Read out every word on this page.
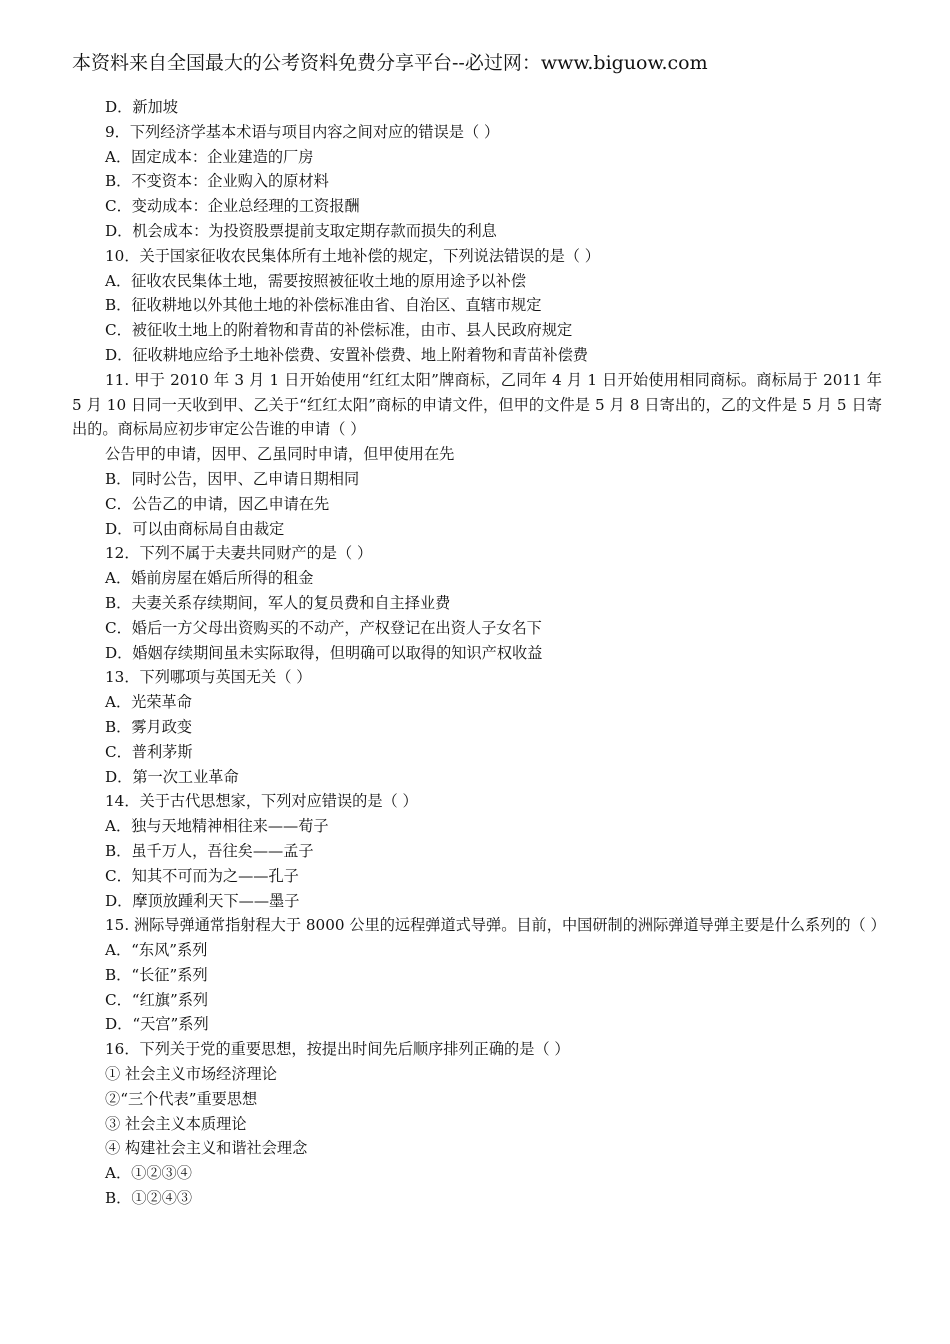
本资料来自全国最大的公考资料免费分享平台--必过网：www.biguow.com
D．新加坡
9．下列经济学基本术语与项目内容之间对应的错误是（ ）
A．固定成本：企业建造的厂房
B．不变资本：企业购入的原材料
C．变动成本：企业总经理的工资报酬
D．机会成本：为投资股票提前支取定期存款而损失的利息
10．关于国家征收农民集体所有土地补偿的规定，下列说法错误的是（ ）
A．征收农民集体土地，需要按照被征收土地的原用途予以补偿
B．征收耕地以外其他土地的补偿标准由省、自治区、直辖市规定
C．被征收土地上的附着物和青苗的补偿标准，由市、县人民政府规定
D．征收耕地应给予土地补偿费、安置补偿费、地上附着物和青苗补偿费
11. 甲于 2010 年 3 月 1 日开始使用“红红太阳”牌商标，乙同年 4 月 1 日开始使用相同商标。商标局于 2011 年 5 月 10 日同一天收到甲、乙关于“红红太阳”商标的申请文件，但甲的文件是 5 月 8 日寄出的，乙的文件是 5 月 5 日寄出的。商标局应初步审定公告谁的申请（ ）
公告甲的申请，因甲、乙虽同时申请，但甲使用在先
B．同时公告，因甲、乙申请日期相同
C．公告乙的申请，因乙申请在先
D．可以由商标局自由裁定
12．下列不属于夫妻共同财产的是（ ）
A．婚前房屋在婚后所得的租金
B．夫妻关系存续期间，军人的复员费和自主择业费
C．婚后一方父母出资购买的不动产，产权登记在出资人子女名下
D．婚姻存续期间虽未实际取得，但明确可以取得的知识产权收益
13．下列哪项与英国无关（ ）
A．光荣革命
B．雾月政变
C．普利茅斯
D．第一次工业革命
14．关于古代思想家，下列对应错误的是（ ）
A．独与天地精神相往来——荀子
B．虽千万人，吾往矣——孟子
C．知其不可而为之——孔子
D．摩顶放踵利天下——墨子
15. 洲际导弹通常指射程大于 8000 公里的远程弹道式导弹。目前，中国研制的洲际弹道导弹主要是什么系列的（ ）
A．“东风”系列
B．“长征”系列
C．“红旗”系列
D．“天宫”系列
16．下列关于党的重要思想，按提出时间先后顺序排列正确的是（ ）
① 社会主义市场经济理论
②“三个代表”重要思想
③ 社会主义本质理论
④ 构建社会主义和谐社会理念
A．①②③④
B．①②④③
